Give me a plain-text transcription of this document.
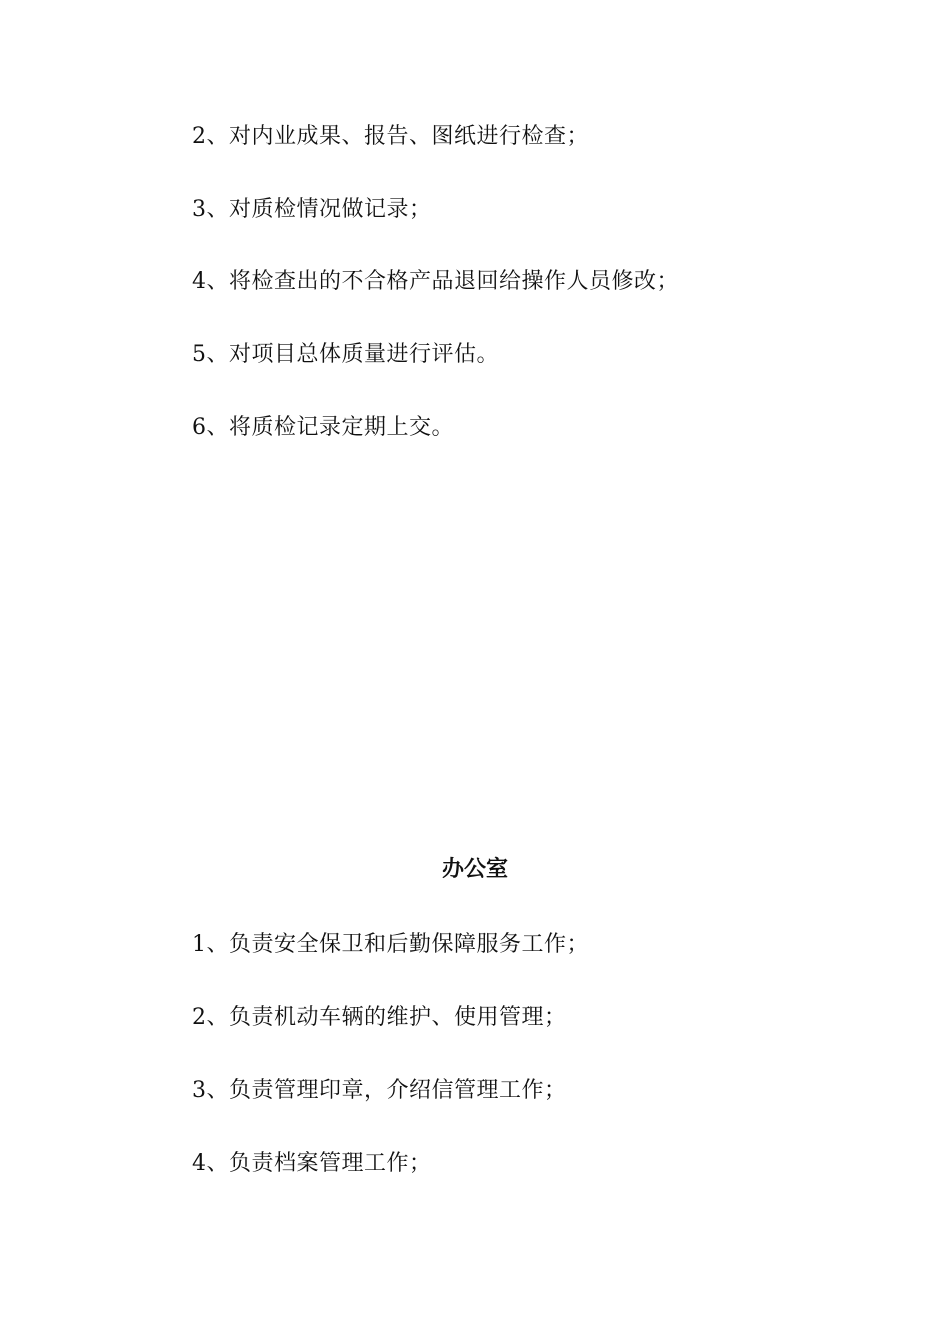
2、对内业成果、报告、图纸进行检查；
3、对质检情况做记录；
4、将检查出的不合格产品退回给操作人员修改；
5、对项目总体质量进行评估。
6、将质检记录定期上交。
办公室
1、负责安全保卫和后勤保障服务工作；
2、负责机动车辆的维护、使用管理；
3、负责管理印章，介绍信管理工作；
4、负责档案管理工作；
